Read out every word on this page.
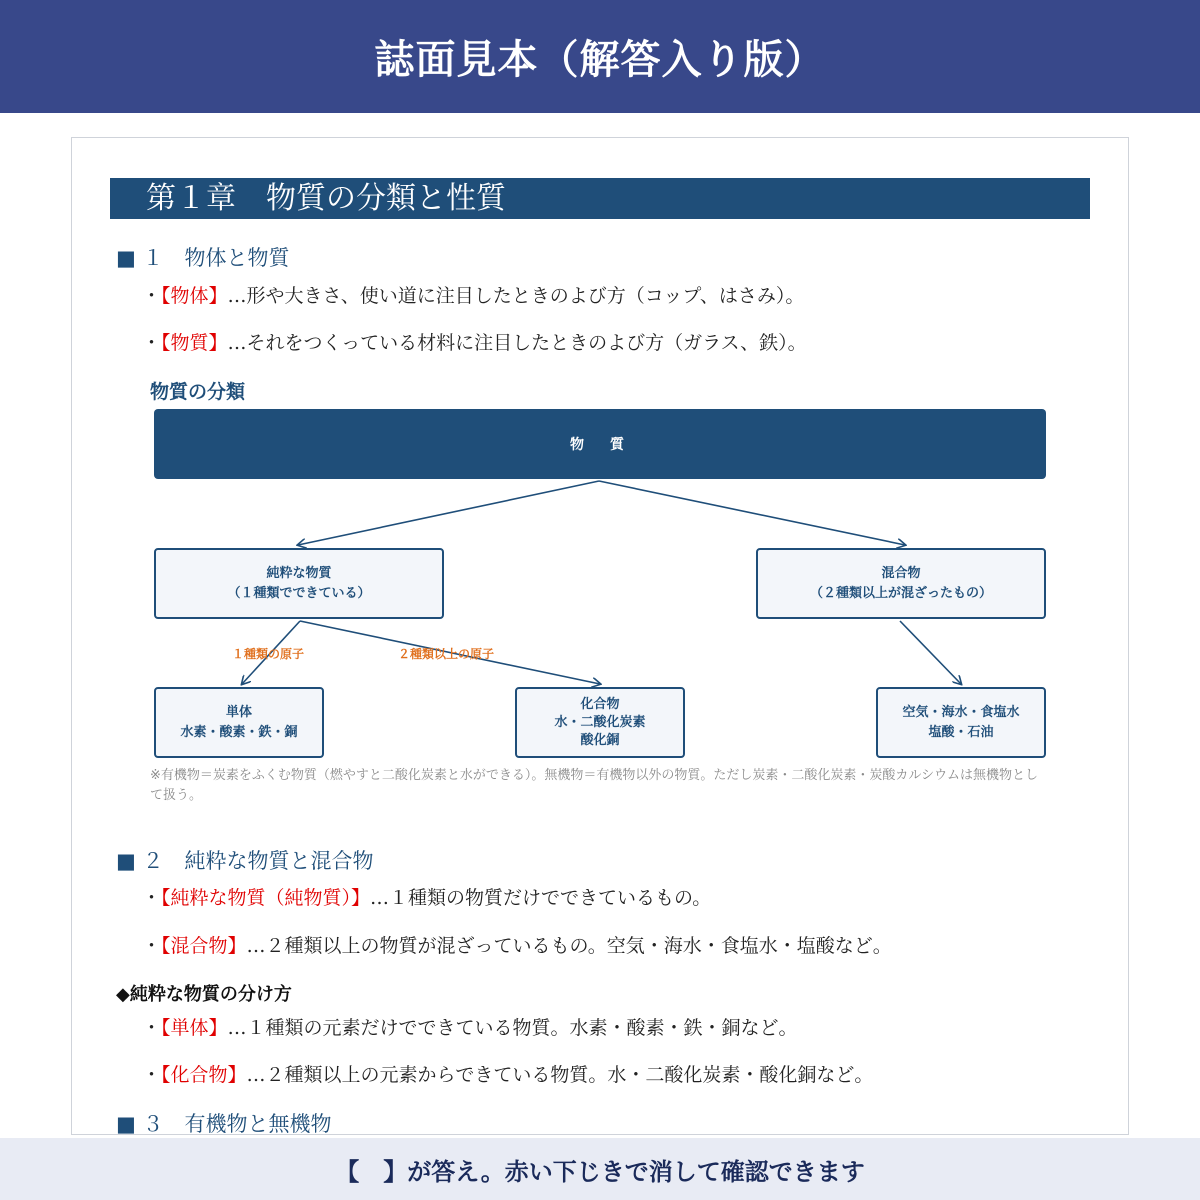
誌面見本（解答入り版）
第１章　物質の分類と性質
■ １　物体と物質
・【物体】…形や大きさ、使い道に注目したときのよび方（コップ、はさみ）。
・【物質】…それをつくっている材料に注目したときのよび方（ガラス、鉄）。
物質の分類
物　質
純粋な物質
（１種類でできている）
混合物
（２種類以上が混ざったもの）
１種類の原子	２種類以上の原子
単体
水素・酸素・鉄・銅
化合物
水・二酸化炭素
酸化銅
空気・海水・食塩水
塩酸・石油
※有機物＝炭素をふくむ物質（燃やすと二酸化炭素と水ができる）。無機物＝有機物以外の物質。ただし炭素・二酸化炭素・炭酸カルシウムは無機物として扱う。
■ ２　純粋な物質と混合物
・【純粋な物質（純物質）】…１種類の物質だけでできているもの。
・【混合物】…２種類以上の物質が混ざっているもの。空気・海水・食塩水・塩酸など。
◆純粋な物質の分け方
・【単体】…１種類の元素だけでできている物質。水素・酸素・鉄・銅など。
・【化合物】…２種類以上の元素からできている物質。水・二酸化炭素・酸化銅など。
■ ３　有機物と無機物
【　】が答え。赤い下じきで消して確認できます
